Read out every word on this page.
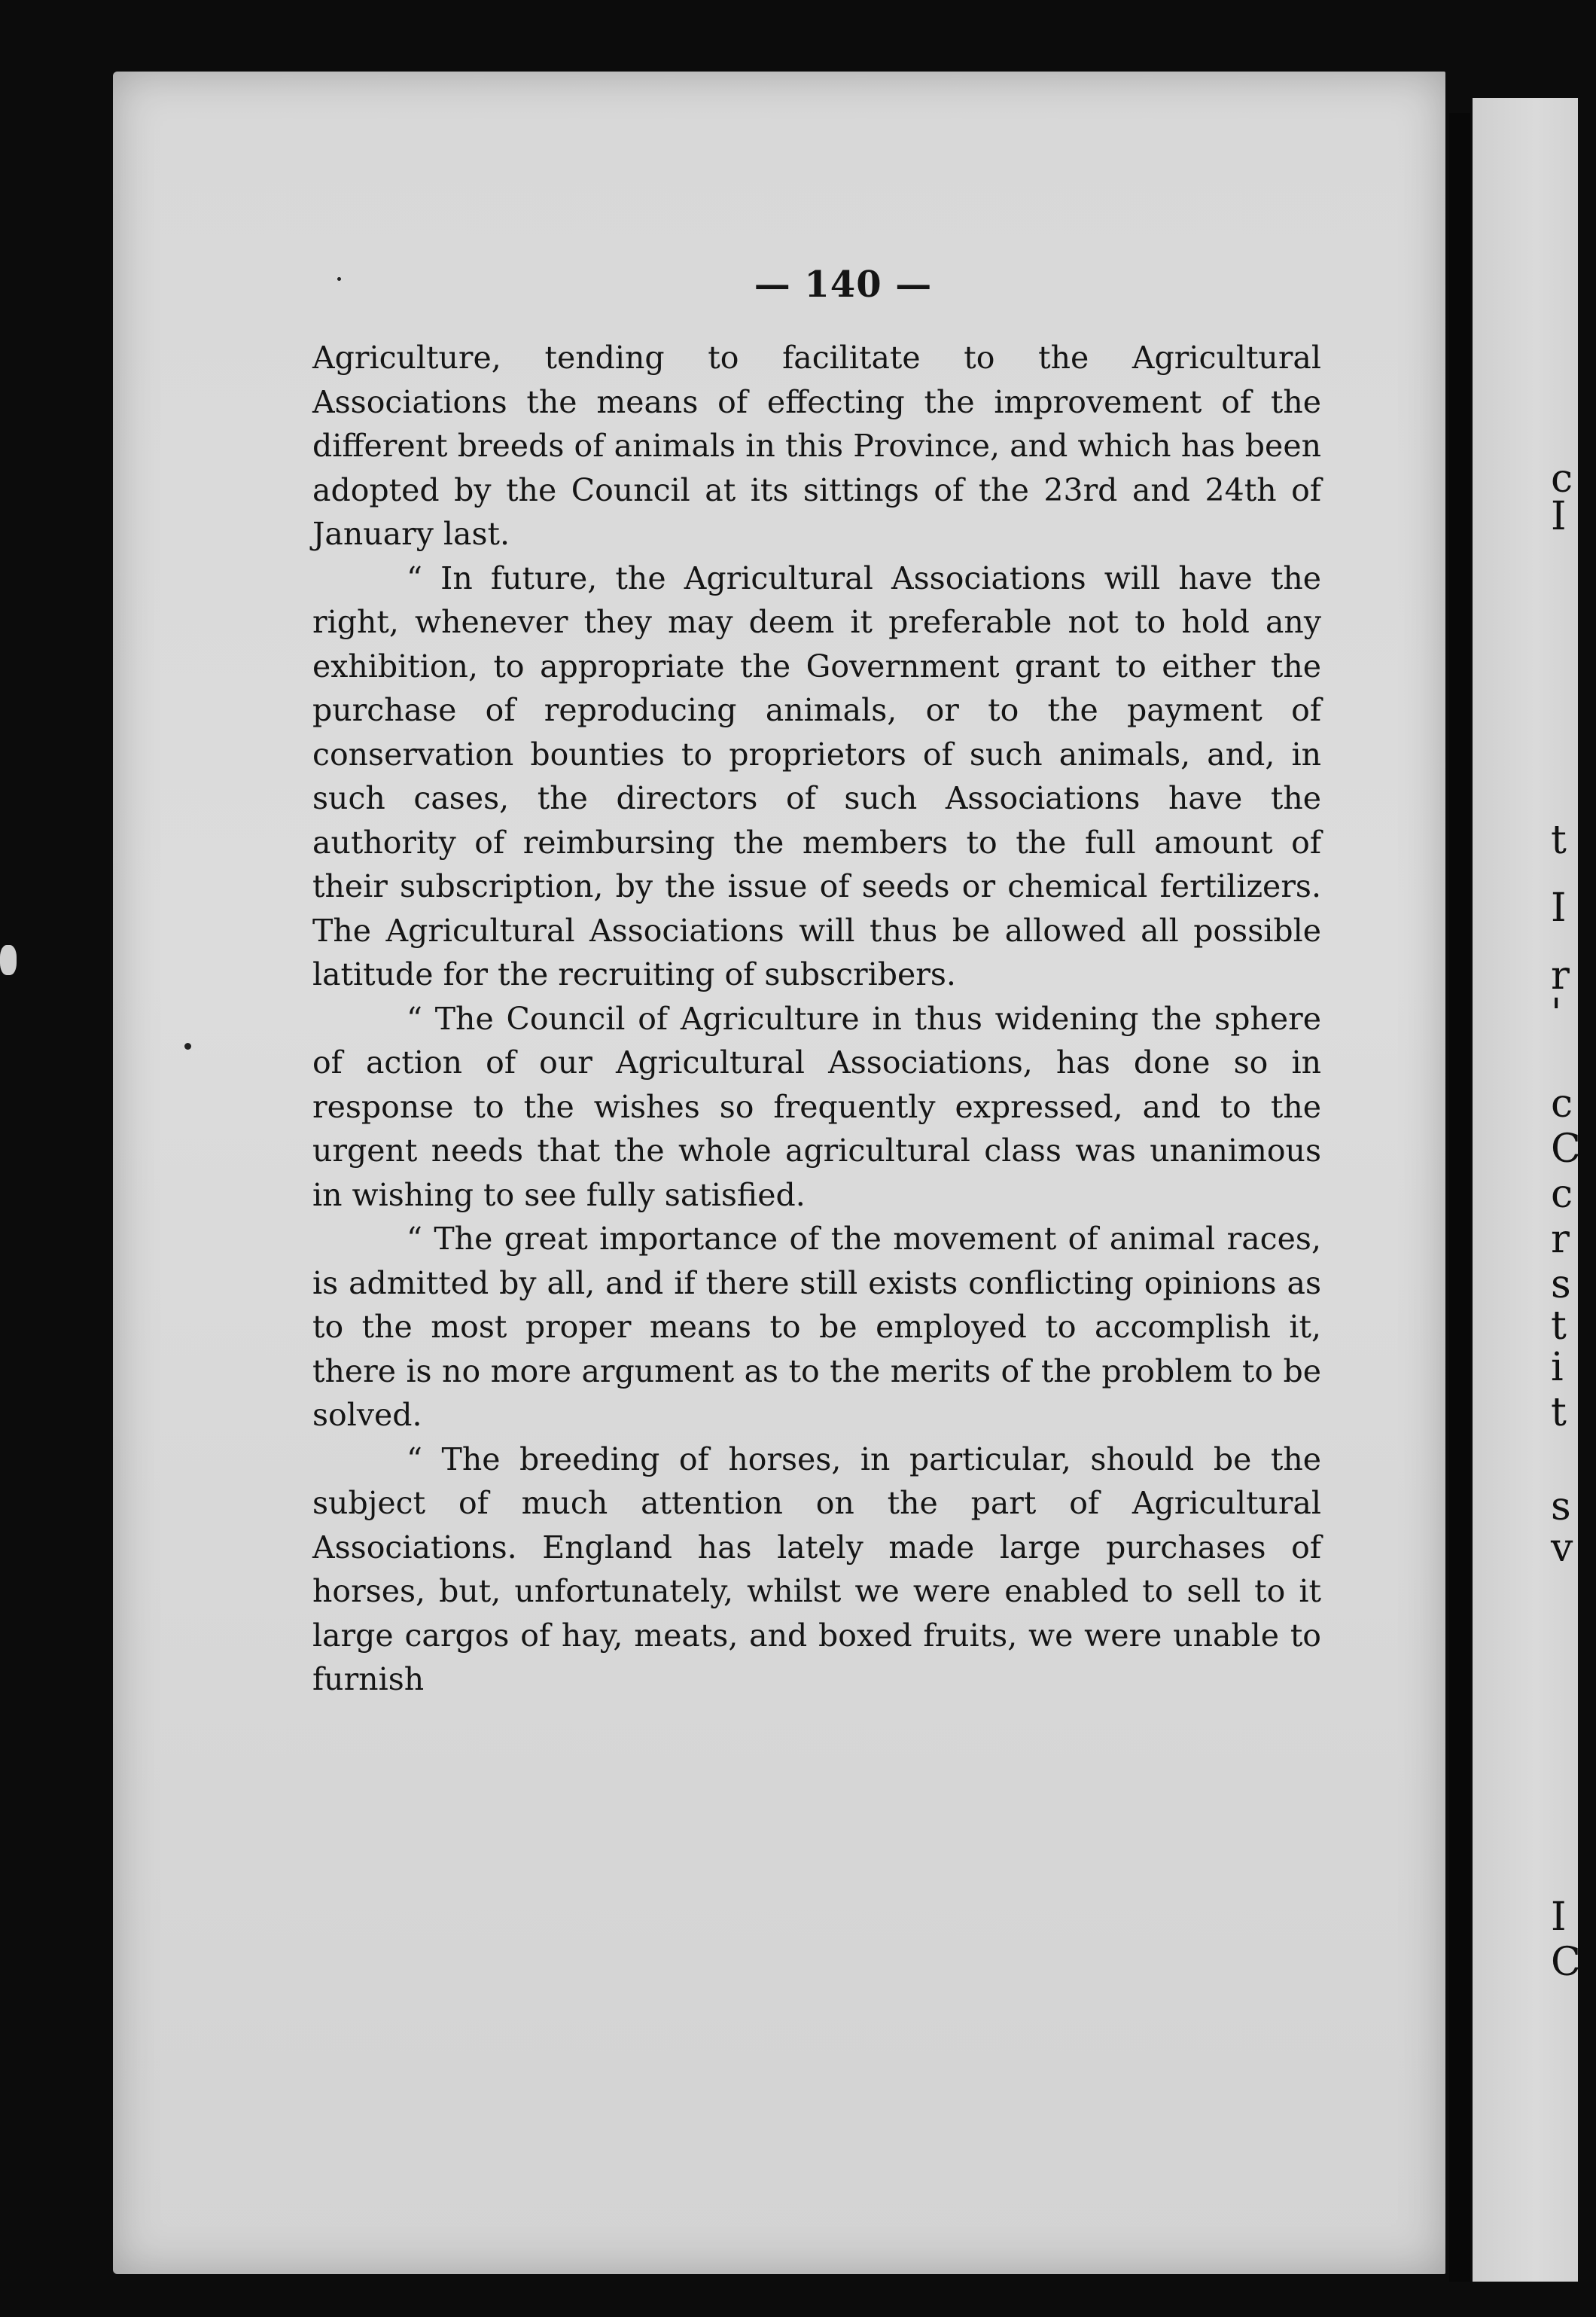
c
I
t
I
r
'
c
C
c
r
s
t
i
t
s
v
I
C
— 140 —

Agriculture, tending to facilitate to the Agricultural Associations the means of effecting the improvement of the different breeds of animals in this Province, and which has been adopted by the Council at its sittings of the 23rd and 24th of January last.

“ In future, the Agricultural Associations will have the right, whenever they may deem it preferable not to hold any exhibition, to appropriate the Government grant to either the purchase of reproducing animals, or to the payment of conservation bounties to proprietors of such animals, and, in such cases, the directors of such Associations have the authority of reimbursing the members to the full amount of their subscription, by the issue of seeds or chemical fertilizers. The Agricultural Associations will thus be allowed all possible latitude for the recruiting of subscribers.

“ The Council of Agriculture in thus widening the sphere of action of our Agricultural Associations, has done so in response to the wishes so frequently expressed, and to the urgent needs that the whole agricultural class was unanimous in wishing to see fully satisfied.

“ The great importance of the movement of animal races, is admitted by all, and if there still exists conflicting opinions as to the most proper means to be employed to accomplish it, there is no more argument as to the merits of the problem to be solved.

“ The breeding of horses, in particular, should be the subject of much attention on the part of Agricultural Associations. England has lately made large purchases of horses, but, unfortunately, whilst we were enabled to sell to it large cargos of hay, meats, and boxed fruits, we were unable to furnish
